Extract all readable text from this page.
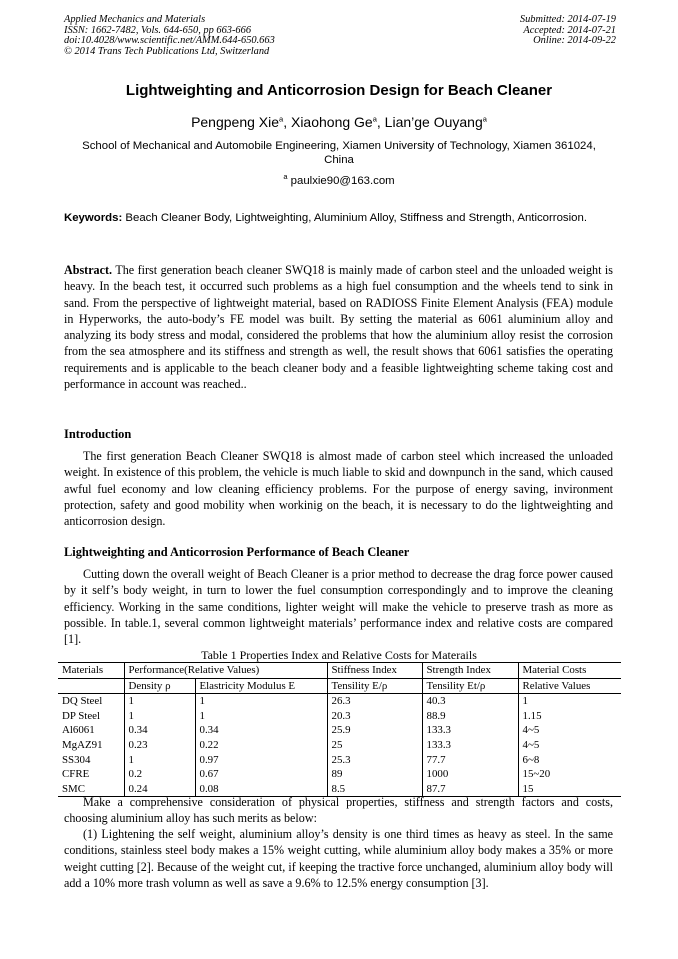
Applied Mechanics and Materials
ISSN: 1662-7482, Vols. 644-650, pp 663-666
doi:10.4028/www.scientific.net/AMM.644-650.663
© 2014 Trans Tech Publications Ltd, Switzerland
Submitted: 2014-07-19
Accepted: 2014-07-21
Online: 2014-09-22
Lightweighting and Anticorrosion Design for Beach Cleaner
Pengpeng Xie$^a$, Xiaohong Ge$^a$, Lian’ge Ouyang$^a$
School of Mechanical and Automobile Engineering, Xiamen University of Technology, Xiamen 361024, China
$^a$ paulxie90@163.com
Keywords: Beach Cleaner Body, Lightweighting, Aluminium Alloy, Stiffness and Strength, Anticorrosion.
Abstract. The first generation beach cleaner SWQ18 is mainly made of carbon steel and the unloaded weight is heavy. In the beach test, it occurred such problems as a high fuel consumption and the wheels tend to sink in sand. From the perspective of lightweight material, based on RADIOSS Finite Element Analysis (FEA) module in Hyperworks, the auto-body’s FE model was built. By setting the material as 6061 aluminium alloy and analyzing its body stress and modal, considered the problems that how the aluminium alloy resist the corrosion from the sea atmosphere and its stiffness and strength as well, the result shows that 6061 satisfies the operating requirements and is applicable to the beach cleaner body and a feasible lightweighting scheme taking cost and performance in account was reached..
Introduction
The first generation Beach Cleaner SWQ18 is almost made of carbon steel which increased the unloaded weight. In existence of this problem, the vehicle is much liable to skid and downpunch in the sand, which caused awful fuel economy and low cleaning efficiency problems. For the purpose of energy saving, invironment protection, safety and good mobility when workinig on the beach, it is necessary to do the lightweighting and anticorrosion design.
Lightweighting and Anticorrosion Performance of Beach Cleaner
Cutting down the overall weight of Beach Cleaner is a prior method to decrease the drag force power caused by it self’s body weight, in turn to lower the fuel consumption correspondingly and to improve the cleaning efficiency. Working in the same conditions, lighter weight will make the vehicle to preserve trash as more as possible. In table.1, several common lightweight materials’ performance index and relative costs are compared [1].
Table 1 Properties Index and Relative Costs for Materails
Materials	Performance(Relative Values)		Stiffness Index	Strength Index	Material Costs
	Density ρ	Elastricity Modulus E	Tensility E/ρ	Tensility Et/ρ	Relative Values
DQ Steel	1	1	26.3	40.3	1
DP Steel	1	1	20.3	88.9	1.15
Al6061	0.34	0.34	25.9	133.3	4~5
MgAZ91	0.23	0.22	25	133.3	4~5
SS304	1	0.97	25.3	77.7	6~8
CFRE	0.2	0.67	89	1000	15~20
SMC	0.24	0.08	8.5	87.7	15
Make a comprehensive consideration of physical properties, stiffness and strength factors and costs, choosing aluminium alloy has such merits as below:
(1) Lightening the self weight, aluminium alloy’s density is one third times as heavy as steel. In the same conditions, stainless steel body makes a 15% weight cutting, while aluminium alloy body makes a 35% or more weight cutting [2]. Because of the weight cut, if keeping the tractive force unchanged, aluminium alloy body will add a 10% more trash volumn as well as save a 9.6% to 12.5% energy consumption [3].
